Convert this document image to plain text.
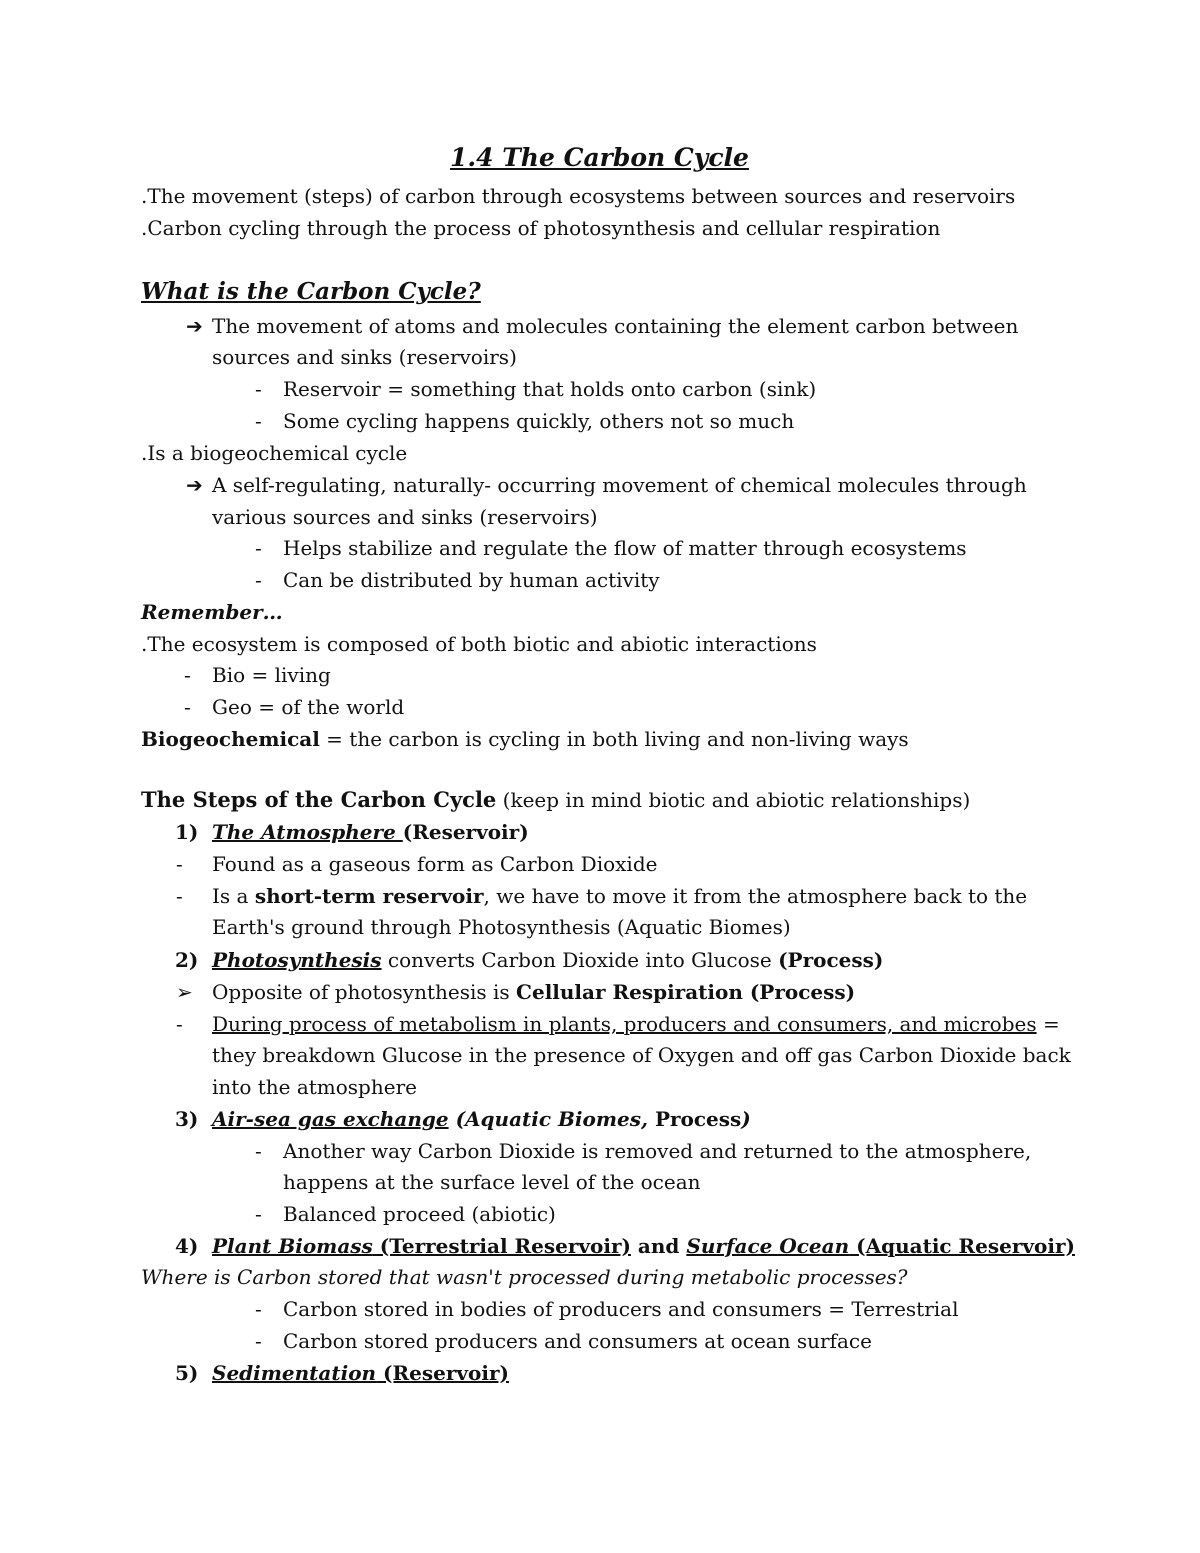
1.4 The Carbon Cycle
.The movement (steps) of carbon through ecosystems between sources and reservoirs
.Carbon cycling through the process of photosynthesis and cellular respiration
What is the Carbon Cycle?
➔ The movement of atoms and molecules containing the element carbon between
sources and sinks (reservoirs)
- Reservoir = something that holds onto carbon (sink)
- Some cycling happens quickly, others not so much
.Is a biogeochemical cycle
➔ A self-regulating, naturally- occurring movement of chemical molecules through
various sources and sinks (reservoirs)
- Helps stabilize and regulate the flow of matter through ecosystems
- Can be distributed by human activity
Remember…
.The ecosystem is composed of both biotic and abiotic interactions
- Bio = living
- Geo = of the world
Biogeochemical = the carbon is cycling in both living and non-living ways
The Steps of the Carbon Cycle (keep in mind biotic and abiotic relationships)
1) The Atmosphere (Reservoir)
- Found as a gaseous form as Carbon Dioxide
- Is a short-term reservoir, we have to move it from the atmosphere back to the
Earth's ground through Photosynthesis (Aquatic Biomes)
2) Photosynthesis converts Carbon Dioxide into Glucose (Process)
➢ Opposite of photosynthesis is Cellular Respiration (Process)
- During process of metabolism in plants, producers and consumers, and microbes =
they breakdown Glucose in the presence of Oxygen and off gas Carbon Dioxide back
into the atmosphere
3) Air-sea gas exchange (Aquatic Biomes, Process)
- Another way Carbon Dioxide is removed and returned to the atmosphere,
happens at the surface level of the ocean
- Balanced proceed (abiotic)
4) Plant Biomass (Terrestrial Reservoir) and Surface Ocean (Aquatic Reservoir)
Where is Carbon stored that wasn't processed during metabolic processes?
- Carbon stored in bodies of producers and consumers = Terrestrial
- Carbon stored producers and consumers at ocean surface
5) Sedimentation (Reservoir)
